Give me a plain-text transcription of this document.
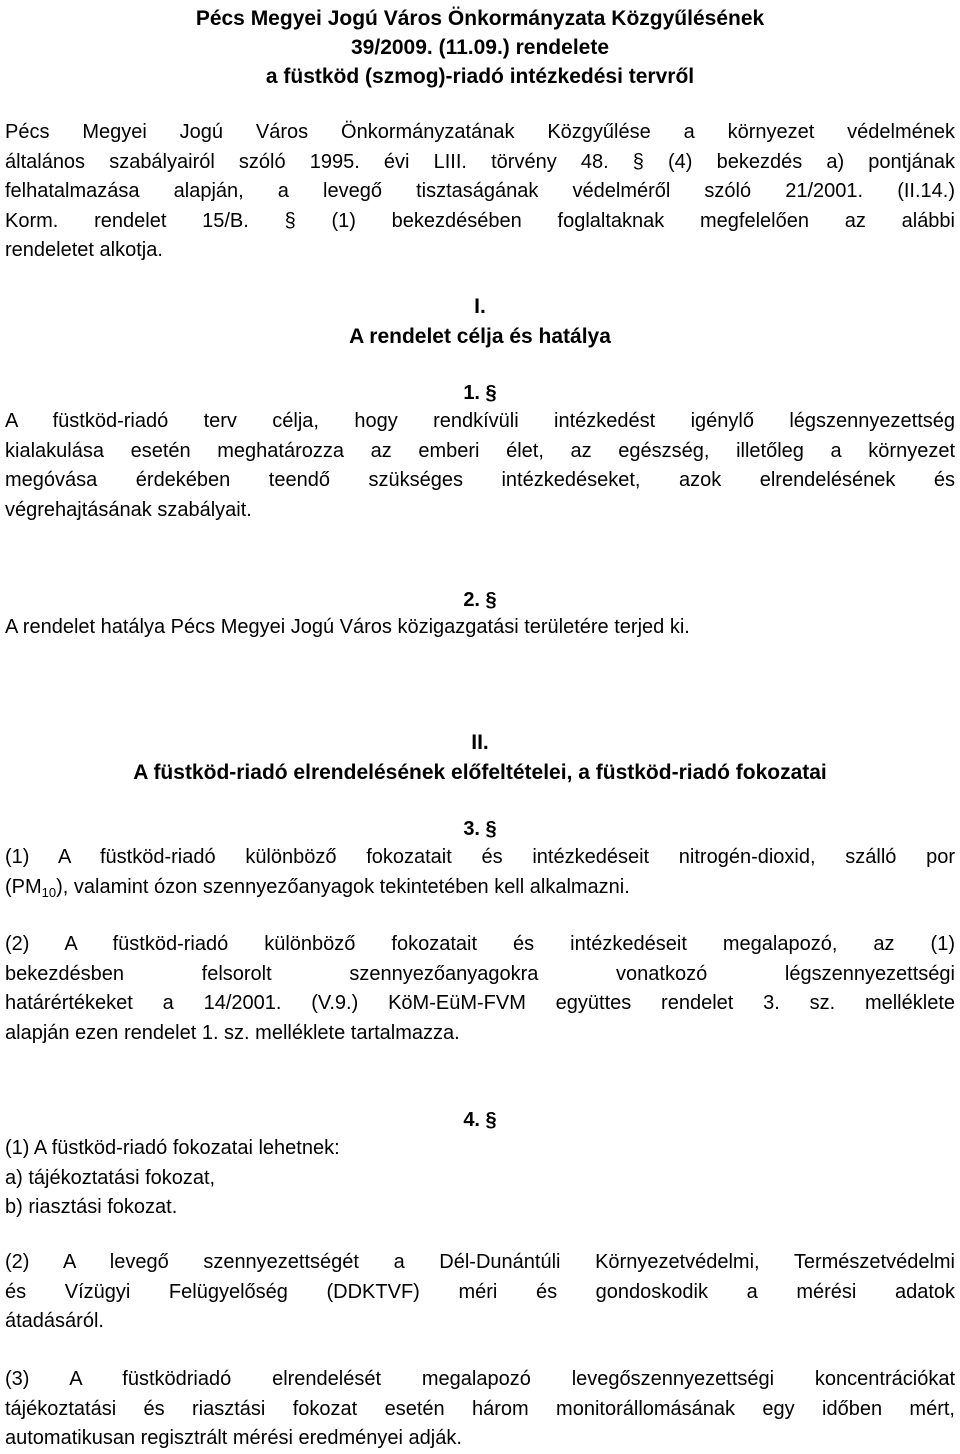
Pécs Megyei Jogú Város Önkormányzata Közgyűlésének
39/2009. (11.09.) rendelete
a füstköd (szmog)-riadó intézkedési tervről
Pécs Megyei Jogú Város Önkormányzatának Közgyűlése a környezet védelmének
általános szabályairól szóló 1995. évi LIII. törvény 48. § (4) bekezdés a) pontjának
felhatalmazása alapján, a levegő tisztaságának védelméről szóló 21/2001. (II.14.)
Korm. rendelet 15/B. § (1) bekezdésében foglaltaknak megfelelően az alábbi
rendeletet alkotja.
I.
A rendelet célja és hatálya
1. §
A füstköd-riadó terv célja, hogy rendkívüli intézkedést igénylő légszennyezettség
kialakulása esetén meghatározza az emberi élet, az egészség, illetőleg a környezet
megóvása érdekében teendő szükséges intézkedéseket, azok elrendelésének és
végrehajtásának szabályait.
2. §
A rendelet hatálya Pécs Megyei Jogú Város közigazgatási területére terjed ki.
II.
A füstköd-riadó elrendelésének előfeltételei, a füstköd-riadó fokozatai
3. §
(1) A füstköd-riadó különböző fokozatait és intézkedéseit nitrogén-dioxid, szálló por
$(PM_{10})$, valamint ózon szennyezőanyagok tekintetében kell alkalmazni.
(2) A füstköd-riadó különböző fokozatait és intézkedéseit megalapozó, az (1)
bekezdésben felsorolt szennyezőanyagokra vonatkozó légszennyezettségi
határértékeket a 14/2001. (V.9.) KöM-EüM-FVM együttes rendelet 3. sz. melléklete
alapján ezen rendelet 1. sz. melléklete tartalmazza.
4. §
(1) A füstköd-riadó fokozatai lehetnek:
a) tájékoztatási fokozat,
b) riasztási fokozat.
(2) A levegő szennyezettségét a Dél-Dunántúli Környezetvédelmi, Természetvédelmi
és Vízügyi Felügyelőség (DDKTVF) méri és gondoskodik a mérési adatok
átadásáról.
(3) A füstködriadó elrendelését megalapozó levegőszennyezettségi koncentrációkat
tájékoztatási és riasztási fokozat esetén három monitorállomásának egy időben mért,
automatikusan regisztrált mérési eredményei adják.
